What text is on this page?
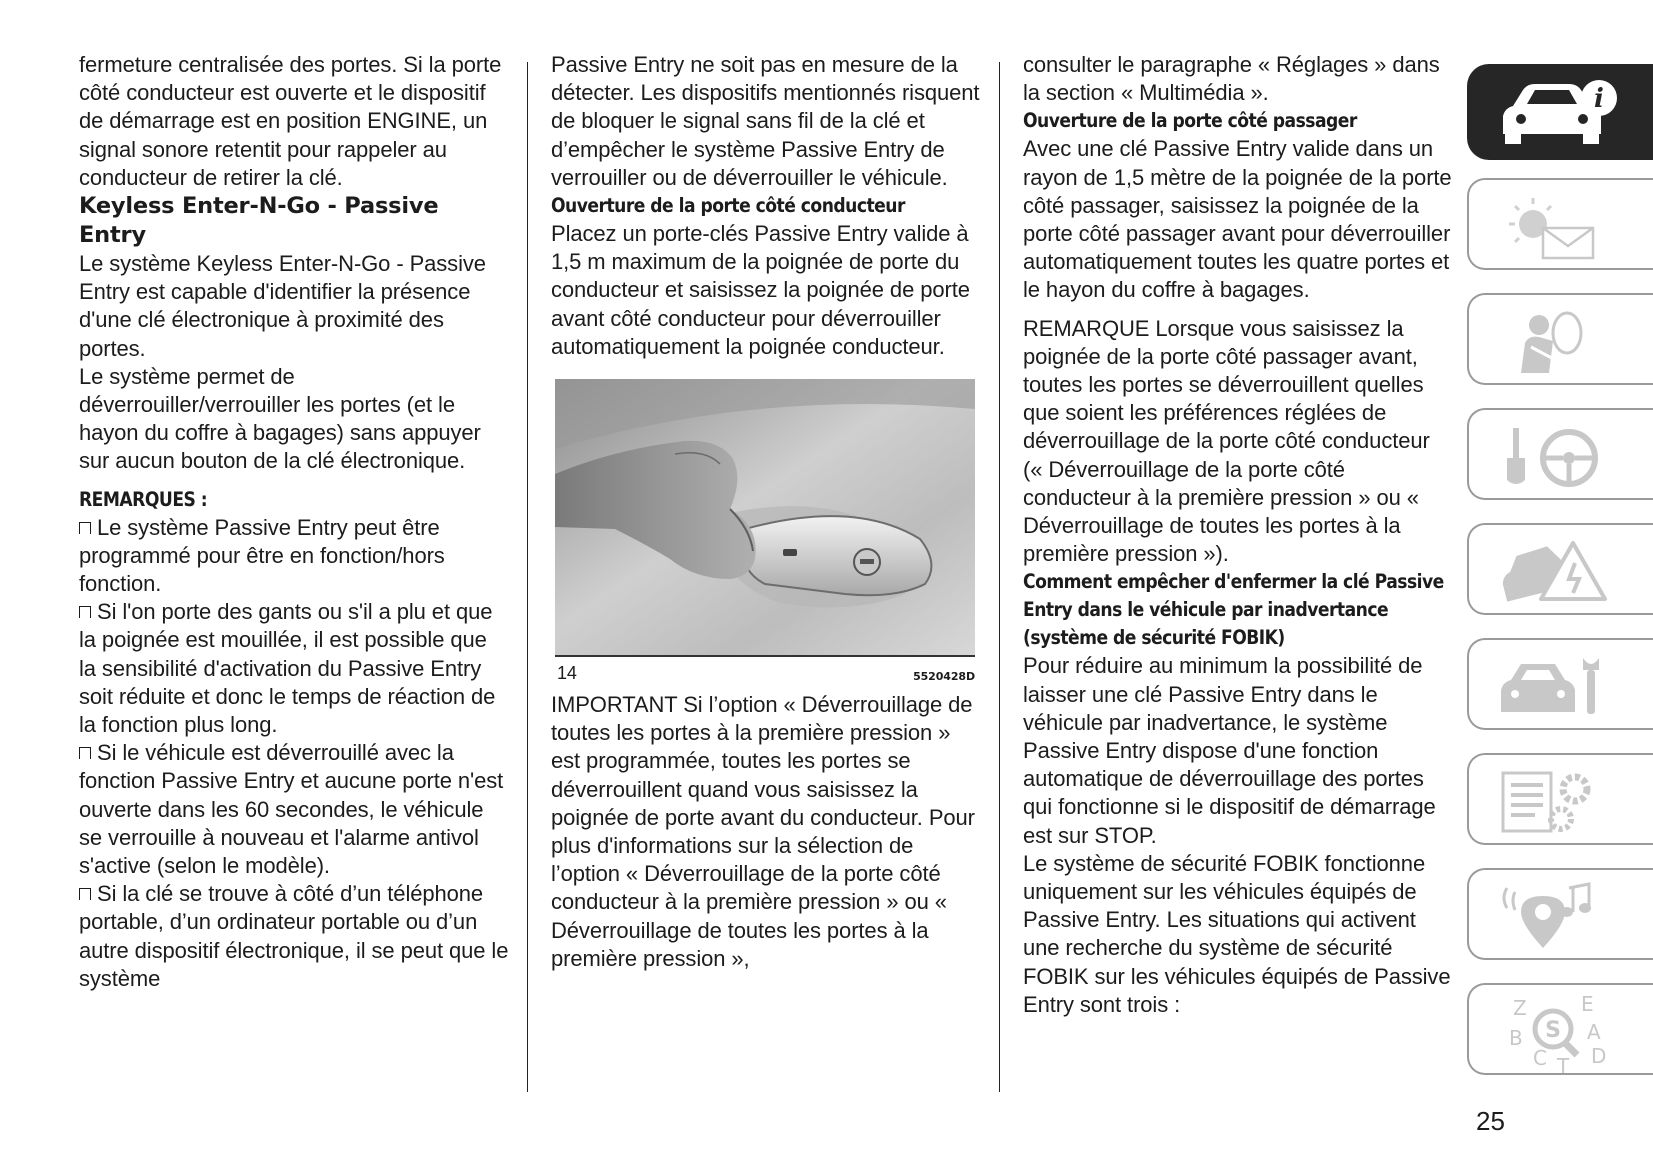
fermeture centralisée des portes. Si la porte côté conducteur est ouverte et le dispositif de démarrage est en position ENGINE, un signal sonore retentit pour rappeler au conducteur de retirer la clé.

Keyless Enter-N-Go - Passive Entry

Le système Keyless Enter-N-Go - Passive Entry est capable d'identifier la présence d'une clé électronique à proximité des portes.

Le système permet de déverrouiller/verrouiller les portes (et le hayon du coffre à bagages) sans appuyer sur aucun bouton de la clé électronique.

REMARQUES :

Le système Passive Entry peut être programmé pour être en fonction/hors fonction.

Si l'on porte des gants ou s'il a plu et que la poignée est mouillée, il est possible que la sensibilité d'activation du Passive Entry soit réduite et donc le temps de réaction de la fonction plus long.

Si le véhicule est déverrouillé avec la fonction Passive Entry et aucune porte n'est ouverte dans les 60 secondes, le véhicule se verrouille à nouveau et l'alarme antivol s'active (selon le modèle).

Si la clé se trouve à côté d’un téléphone portable, d’un ordinateur portable ou d’un autre dispositif électronique, il se peut que le système

Passive Entry ne soit pas en mesure de la détecter. Les dispositifs mentionnés risquent de bloquer le signal sans fil de la clé et d’empêcher le système Passive Entry de verrouiller ou de déverrouiller le véhicule.

Ouverture de la porte côté conducteur

Placez un porte-clés Passive Entry valide à 1,5 m maximum de la poignée de porte du conducteur et saisissez la poignée de porte avant côté conducteur pour déverrouiller automatiquement la poignée conducteur.

14	5520428D

IMPORTANT Si l’option « Déverrouillage de toutes les portes à la première pression » est programmée, toutes les portes se déverrouillent quand vous saisissez la poignée de porte avant du conducteur. Pour plus d'informations sur la sélection de l’option « Déverrouillage de la porte côté conducteur à la première pression » ou « Déverrouillage de toutes les portes à la première pression »,

consulter le paragraphe « Réglages » dans la section « Multimédia ».

Ouverture de la porte côté passager

Avec une clé Passive Entry valide dans un rayon de 1,5 mètre de la poignée de la porte côté passager, saisissez la poignée de la porte côté passager avant pour déverrouiller automatiquement toutes les quatre portes et le hayon du coffre à bagages.

REMARQUE Lorsque vous saisissez la poignée de la porte côté passager avant, toutes les portes se déverrouillent quelles que soient les préférences réglées de déverrouillage de la porte côté conducteur (« Déverrouillage de la porte côté conducteur à la première pression » ou « Déverrouillage de toutes les portes à la première pression »).

Comment empêcher d'enfermer la clé Passive Entry dans le véhicule par inadvertance (système de sécurité FOBIK)

Pour réduire au minimum la possibilité de laisser une clé Passive Entry dans le véhicule par inadvertance, le système Passive Entry dispose d'une fonction automatique de déverrouillage des portes qui fonctionne si le dispositif de démarrage est sur STOP.

Le système de sécurité FOBIK fonctionne uniquement sur les véhicules équipés de Passive Entry. Les situations qui activent une recherche du système de sécurité FOBIK sur les véhicules équipés de Passive Entry sont trois :

i
S
Z	E
B	A
C T D
25
